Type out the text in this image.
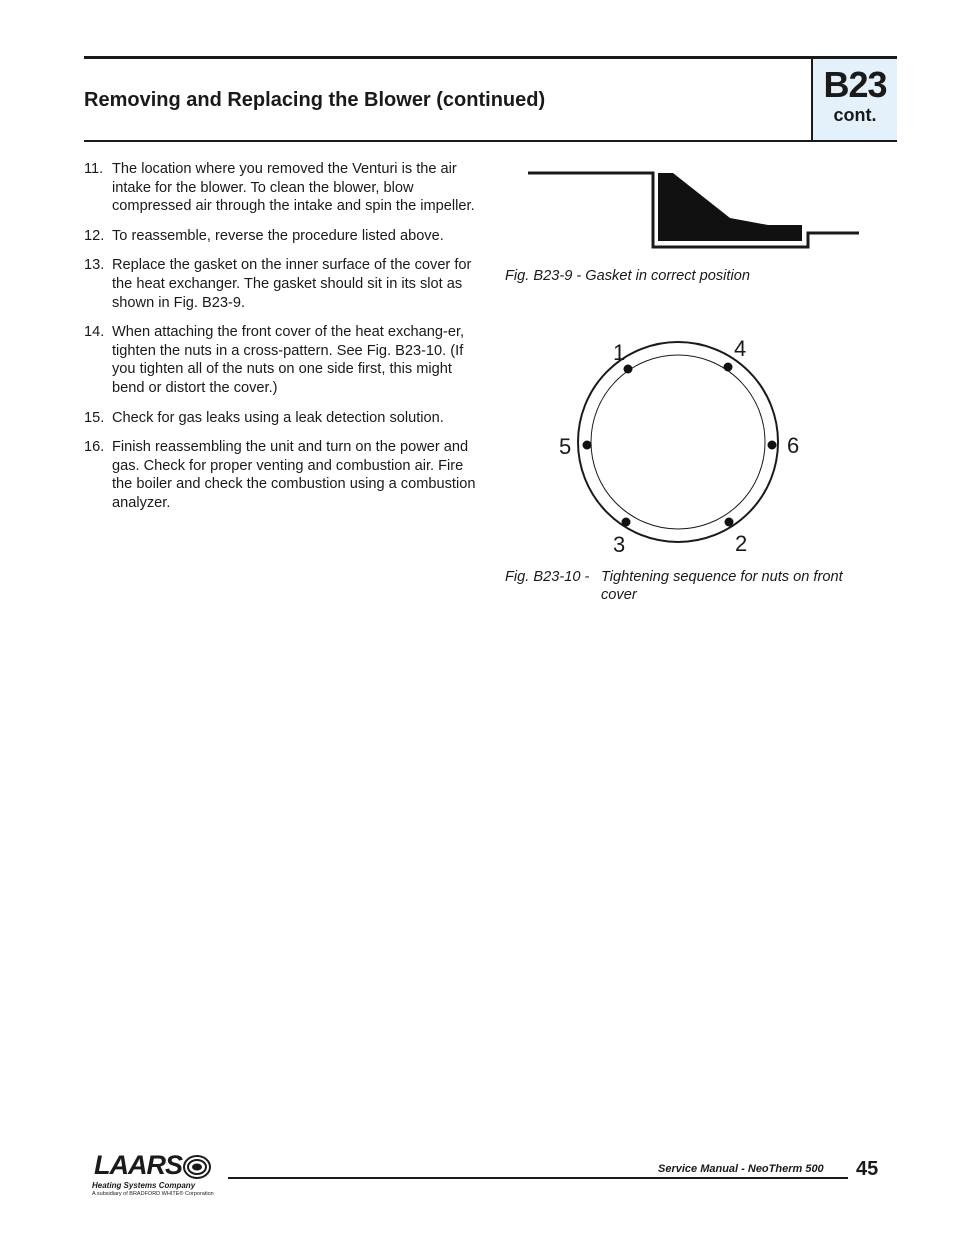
Removing and Replacing the Blower (continued)	B23
cont.
11. The location where you removed the Venturi is the air intake for the blower. To clean the blower, blow compressed air through the intake and spin the impeller.
12. To reassemble, reverse the procedure listed above.
13. Replace the gasket on the inner surface of the cover for the heat exchanger. The gasket should sit in its slot as shown in Fig. B23-9.
14. When attaching the front cover of the heat exchang-er, tighten the nuts in a cross-pattern. See Fig. B23-10. (If you tighten all of the nuts on one side first, this might bend or distort the cover.)
15. Check for gas leaks using a leak detection solution.
16. Finish reassembling the unit and turn on the power and gas. Check for proper venting and combustion air. Fire the boiler and check the combustion using a combustion analyzer.
Fig. B23-9 - Gasket in correct position
1	4
5	6
3	2
Fig. B23-10 - Tightening sequence for nuts on front cover
LAARS
Heating Systems Company
A subsidiary of BRADFORD WHITE® Corporation
Service Manual - NeoTherm 500 45
